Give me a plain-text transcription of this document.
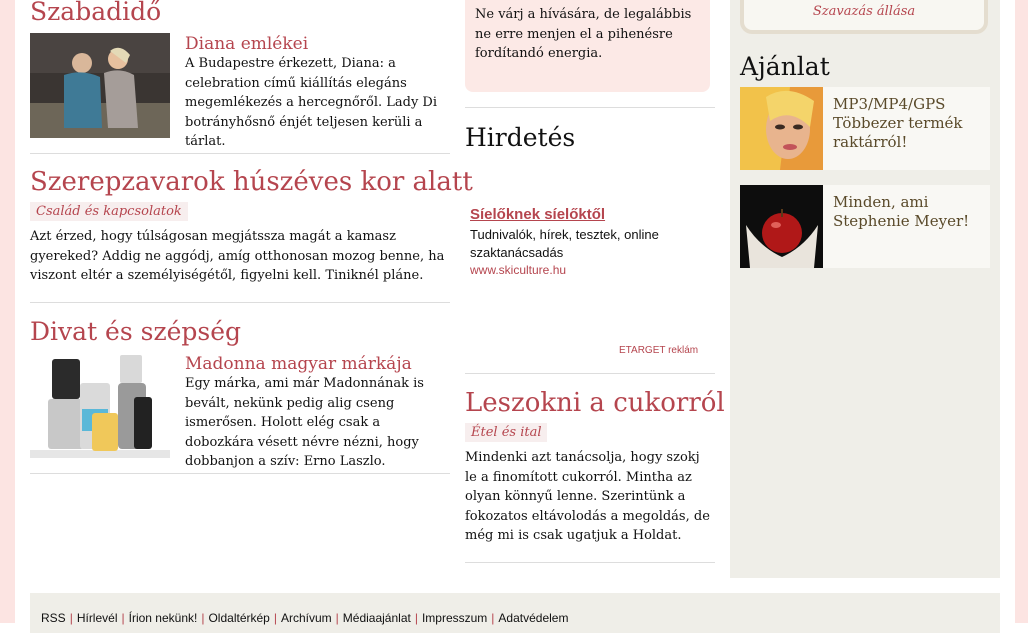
Szabadidő
Diana emlékei
A Budapestre érkezett, Diana: a celebration című kiállítás elegáns megemlékezés a hercegnőről. Lady Di botrányhősnő énjét teljesen kerüli a tárlat.
Szerepzavarok húszéves kor alatt
Család és kapcsolatok
Azt érzed, hogy túlságosan megjátssza magát a kamasz gyereked? Addig ne aggódj, amíg otthonosan mozog benne, ha viszont eltér a személyiségétől, figyelni kell. Tiniknél pláne.
Divat és szépség
Madonna magyar márkája
Egy márka, ami már Madonnának is bevált, nekünk pedig alig cseng ismerősen. Holott elég csak a dobozkára vésett névre nézni, hogy dobbanjon a szív: Erno Laszlo.
Ne várj a hívására, de legalábbis ne erre menjen el a pihenésre fordítandó energia.
Hirdetés
Síelőknek síelőktől
Tudnivalók, hírek, tesztek, online szaktanácsadás
www.skiculture.hu
ETARGET reklám
Leszokni a cukorról
Étel és ital
Mindenki azt tanácsolja, hogy szokj le a finomított cukorról. Mintha az olyan könnyű lenne. Szerintünk a fokozatos eltávolodás a megoldás, de még mi is csak ugatjuk a Holdat.
Szavazás állása
Ajánlat
MP3/MP4/GPS Többezer termék raktárról!
Minden, ami Stephenie Meyer!
RSS | Hírlevél | Írion nekünk! | Oldaltérkép | Archívum | Médiaajánlat | Impresszum | Adatvédelem
